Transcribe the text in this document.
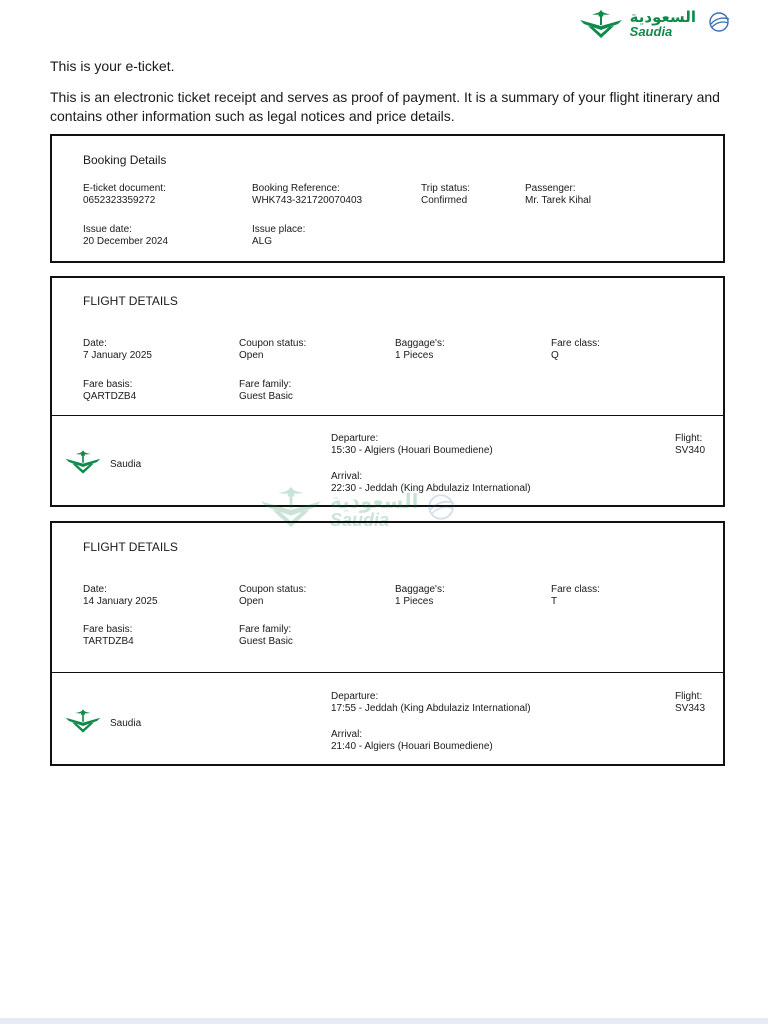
السعودية
Saudia
This is your e-ticket.
This is an electronic ticket receipt and serves as proof of payment. It is a summary of your flight itinerary and contains other information such as legal notices and price details.
Booking Details
E-ticket document:
0652323359272
Booking Reference:
WHK743-321720070403
Trip status:
Confirmed
Passenger:
Mr. Tarek Kihal
Issue date:
20 December 2024
Issue place:
ALG
FLIGHT DETAILS
Date:
7 January 2025
Coupon status:
Open
Baggage's:
1 Pieces
Fare class:
Q
Fare basis:
QARTDZB4
Fare family:
Guest Basic
Saudia
Departure:
15:30 - Algiers (Houari Boumediene)
Arrival:
22:30 - Jeddah (King Abdulaziz International)
Flight:
SV340
السعودية
Saudia
FLIGHT DETAILS
Date:
14 January 2025
Coupon status:
Open
Baggage's:
1 Pieces
Fare class:
T
Fare basis:
TARTDZB4
Fare family:
Guest Basic
Saudia
Departure:
17:55 - Jeddah (King Abdulaziz International)
Arrival:
21:40 - Algiers (Houari Boumediene)
Flight:
SV343
